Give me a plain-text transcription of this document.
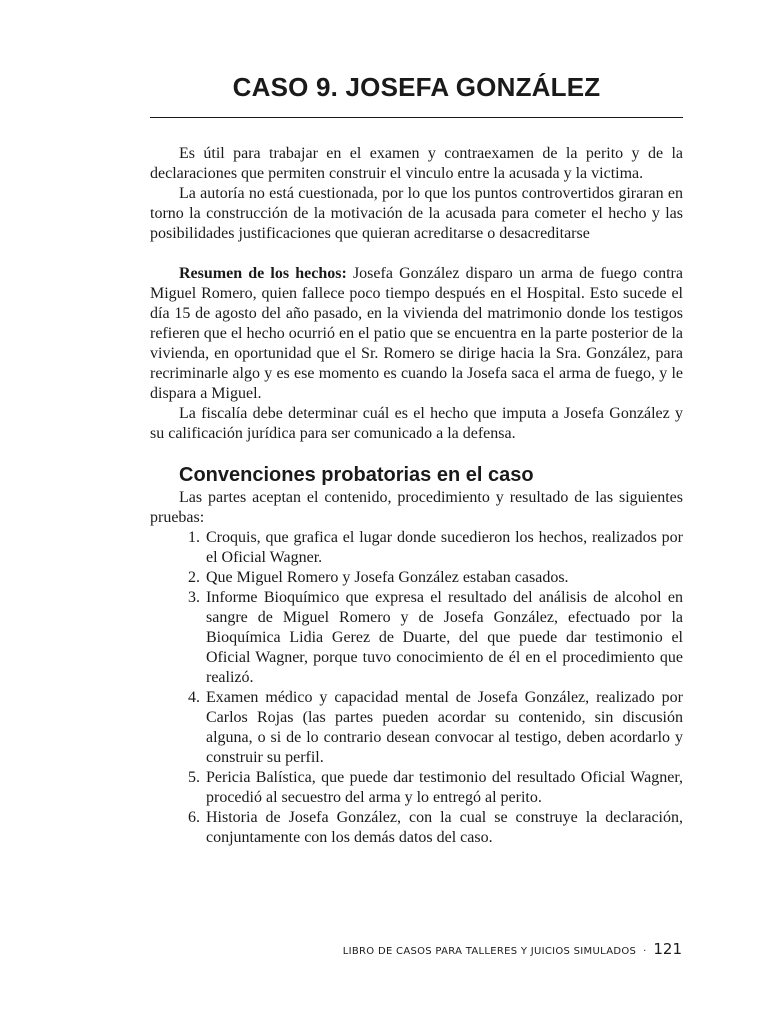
CASO 9. JOSEFA GONZÁLEZ

Es útil para trabajar en el examen y contraexamen de la perito y de la declaraciones que permiten construir el vinculo entre la acusada y la victima.

La autoría no está cuestionada, por lo que los puntos controvertidos giraran en torno la construcción de la motivación de la acusada para cometer el hecho y las posibilidades justificaciones que quieran acreditarse o desacreditarse

Resumen de los hechos: Josefa González disparo un arma de fuego contra Miguel Romero, quien fallece poco tiempo después en el Hospital. Esto sucede el día 15 de agosto del año pasado, en la vivienda del matrimonio donde los testigos refieren que el hecho ocurrió en el patio que se encuentra en la parte posterior de la vivienda, en oportunidad que el Sr. Romero se dirige hacia la Sra. González, para recriminarle algo y es ese momento es cuando la Josefa saca el arma de fuego, y le dispara a Miguel.

La fiscalía debe determinar cuál es el hecho que imputa a Josefa González y su calificación jurídica para ser comunicado a la defensa.

Convenciones probatorias en el caso

Las partes aceptan el contenido, procedimiento y resultado de las siguientes pruebas:

1. Croquis, que grafica el lugar donde sucedieron los hechos, realizados por el Oficial Wagner.
2. Que Miguel Romero y Josefa González estaban casados.
3. Informe Bioquímico que expresa el resultado del análisis de alcohol en sangre de Miguel Romero y de Josefa González, efectuado por la Bioquímica Lidia Gerez de Duarte, del que puede dar testimonio el Oficial Wagner, porque tuvo conocimiento de él en el procedimiento que realizó.
4. Examen médico y capacidad mental de Josefa González, realizado por Carlos Rojas (las partes pueden acordar su contenido, sin discusión alguna, o si de lo contrario desean convocar al testigo, deben acordarlo y construir su perfil.
5. Pericia Balística, que puede dar testimonio del resultado Oficial Wagner, procedió al secuestro del arma y lo entregó al perito.
6. Historia de Josefa González, con la cual se construye la declaración, conjuntamente con los demás datos del caso.
LIBRO DE CASOS PARA TALLERES Y JUICIOS SIMULADOS · 121
